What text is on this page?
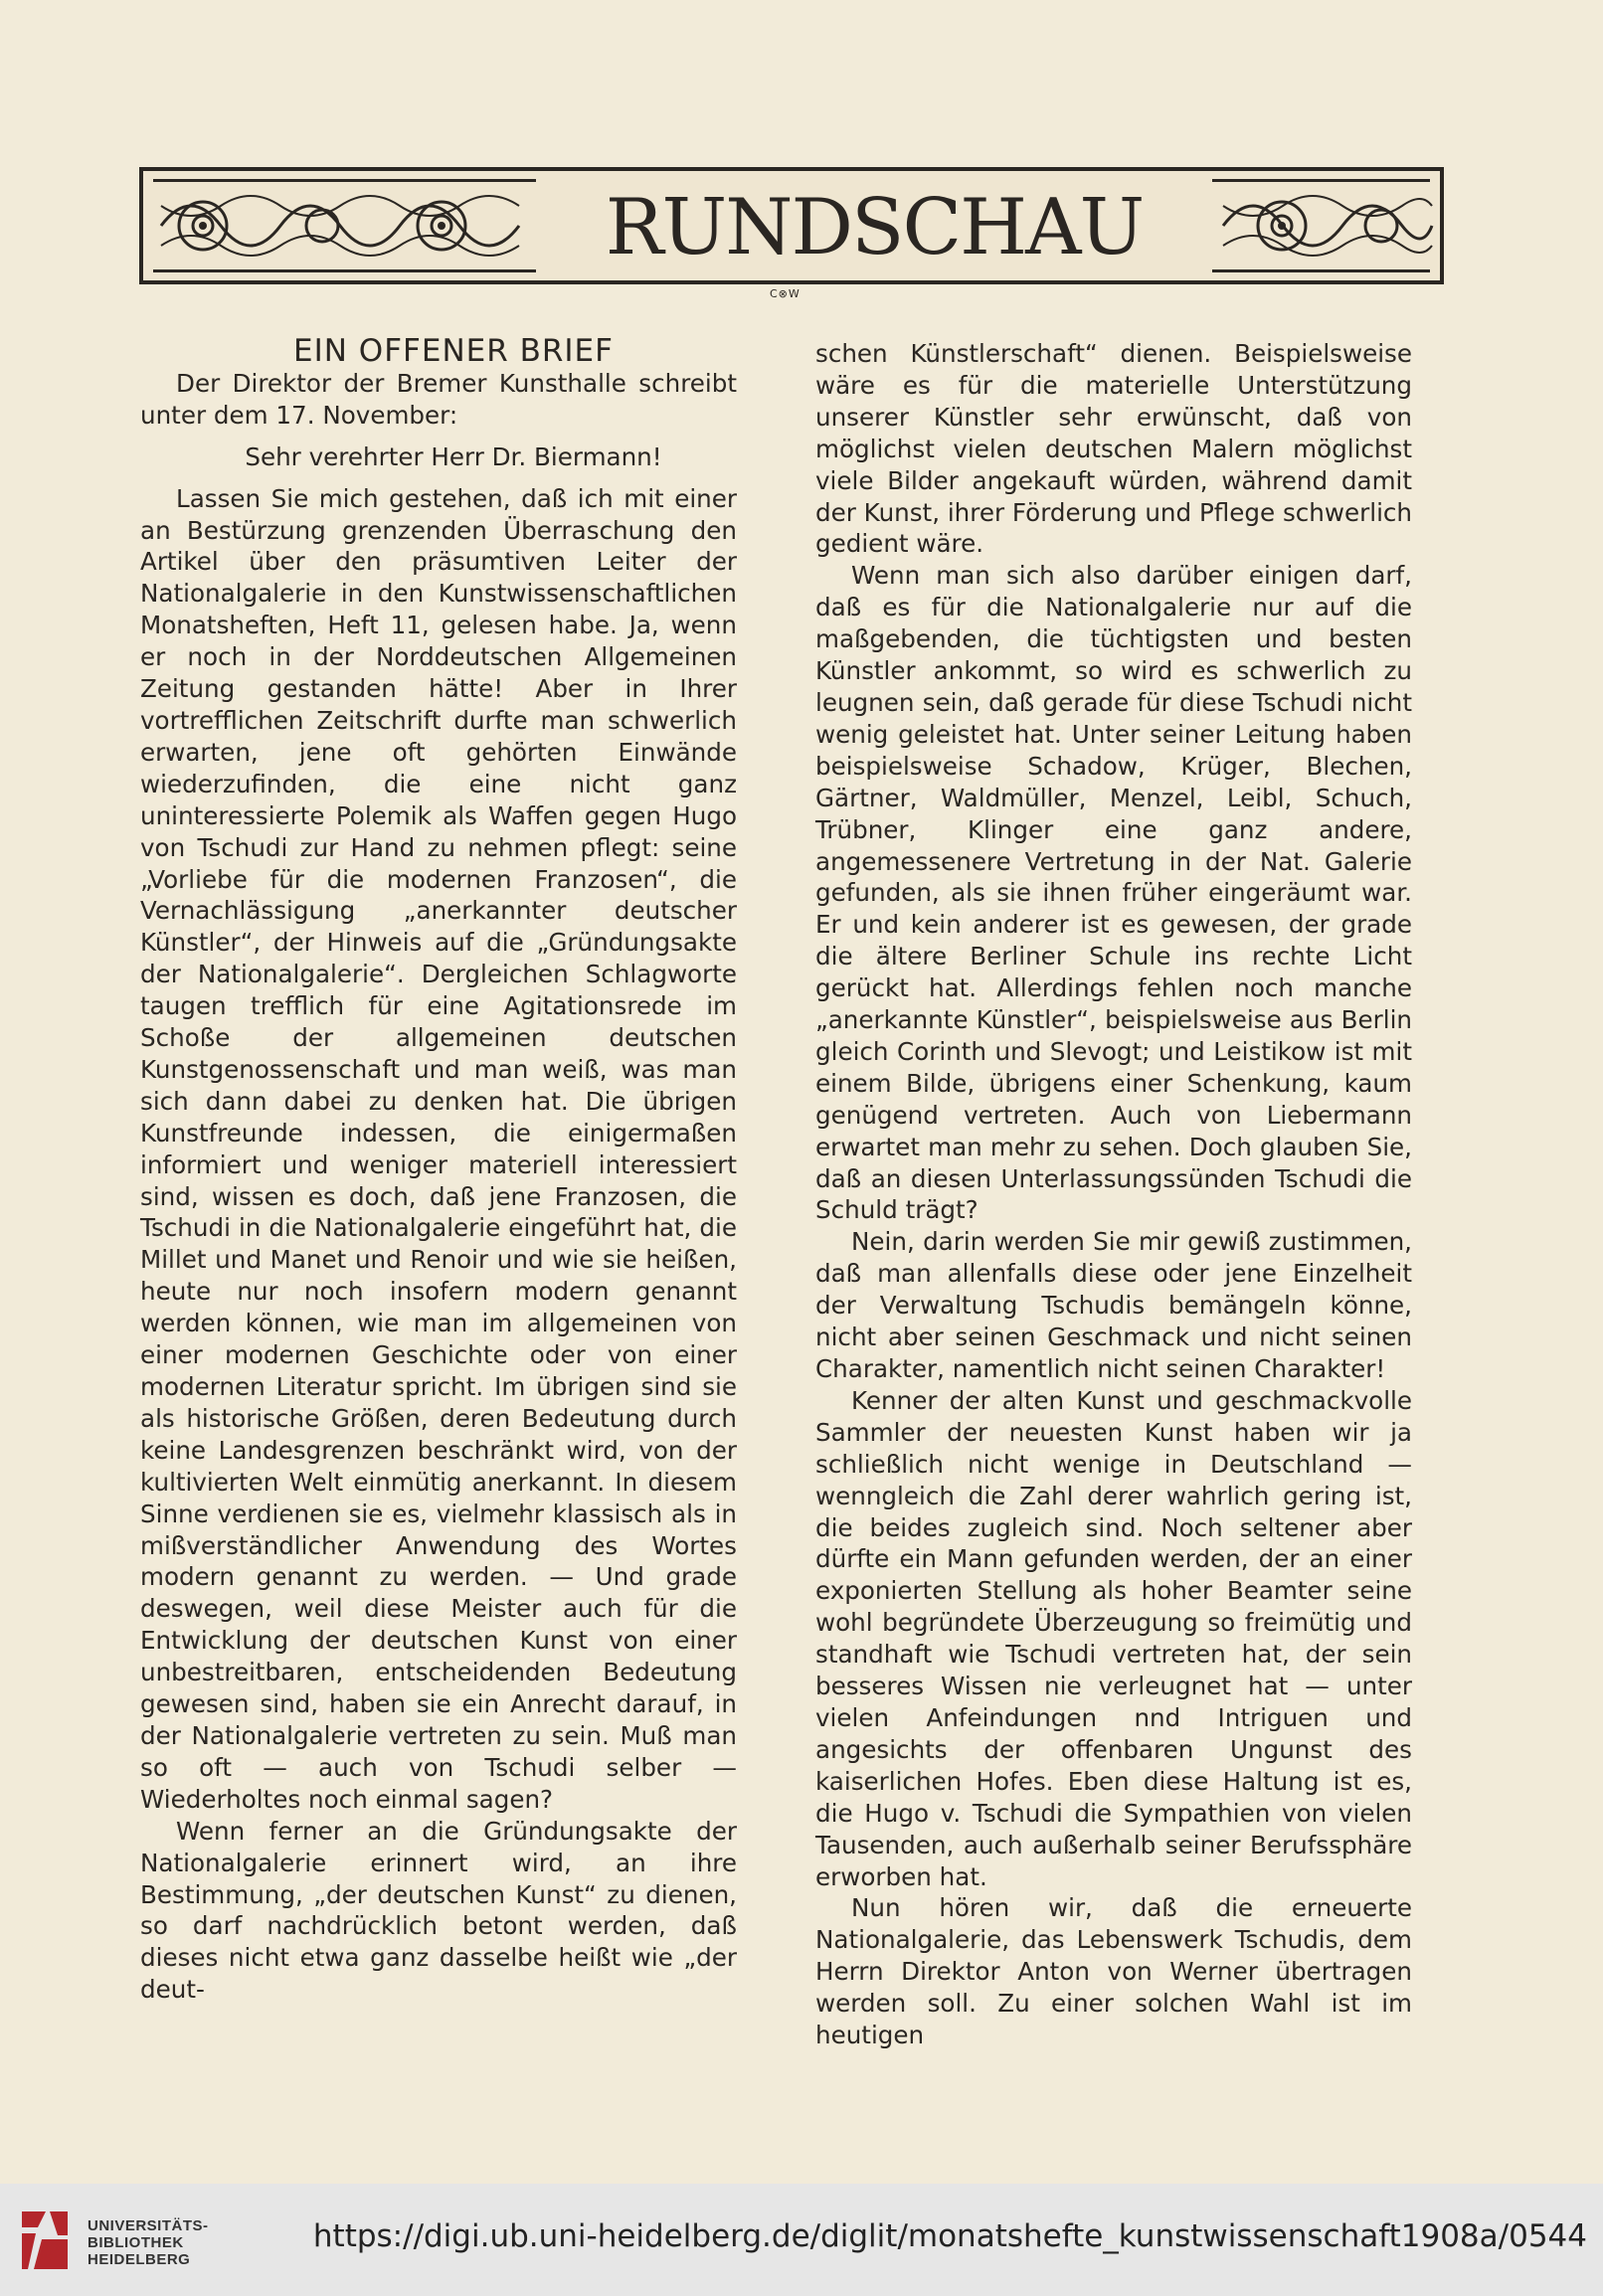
RUNDSCHAU
C⊗W

EIN OFFENER BRIEF

Der Direktor der Bremer Kunsthalle schreibt unter dem 17. November:

Sehr verehrter Herr Dr. Biermann!

Lassen Sie mich gestehen, daß ich mit einer an Bestürzung grenzenden Überraschung den Artikel über den präsumtiven Leiter der Nationalgalerie in den Kunstwissenschaftlichen Monatsheften, Heft 11, gelesen habe. Ja, wenn er noch in der Norddeutschen Allgemeinen Zeitung gestanden hätte! Aber in Ihrer vortrefflichen Zeitschrift durfte man schwerlich erwarten, jene oft gehörten Einwände wiederzufinden, die eine nicht ganz uninteressierte Polemik als Waffen gegen Hugo von Tschudi zur Hand zu nehmen pflegt: seine „Vorliebe für die modernen Franzosen“, die Vernachlässigung „anerkannter deutscher Künstler“, der Hinweis auf die „Gründungsakte der Nationalgalerie“. Dergleichen Schlagworte taugen trefflich für eine Agitationsrede im Schoße der allgemeinen deutschen Kunstgenossenschaft und man weiß, was man sich dann dabei zu denken hat. Die übrigen Kunstfreunde indessen, die einigermaßen informiert und weniger materiell interessiert sind, wissen es doch, daß jene Franzosen, die Tschudi in die Nationalgalerie eingeführt hat, die Millet und Manet und Renoir und wie sie heißen, heute nur noch insofern modern genannt werden können, wie man im allgemeinen von einer modernen Geschichte oder von einer modernen Literatur spricht. Im übrigen sind sie als historische Größen, deren Bedeutung durch keine Landesgrenzen beschränkt wird, von der kultivierten Welt einmütig anerkannt. In diesem Sinne verdienen sie es, vielmehr klassisch als in mißverständlicher Anwendung des Wortes modern genannt zu werden. — Und grade deswegen, weil diese Meister auch für die Entwicklung der deutschen Kunst von einer unbestreitbaren, entscheidenden Bedeutung gewesen sind, haben sie ein Anrecht darauf, in der Nationalgalerie vertreten zu sein. Muß man so oft — auch von Tschudi selber — Wiederholtes noch einmal sagen?

Wenn ferner an die Gründungsakte der Nationalgalerie erinnert wird, an ihre Bestimmung, „der deutschen Kunst“ zu dienen, so darf nachdrücklich betont werden, daß dieses nicht etwa ganz dasselbe heißt wie „der deut-

schen Künstlerschaft“ dienen. Beispielsweise wäre es für die materielle Unterstützung unserer Künstler sehr erwünscht, daß von möglichst vielen deutschen Malern möglichst viele Bilder angekauft würden, während damit der Kunst, ihrer Förderung und Pflege schwerlich gedient wäre.

Wenn man sich also darüber einigen darf, daß es für die Nationalgalerie nur auf die maßgebenden, die tüchtigsten und besten Künstler ankommt, so wird es schwerlich zu leugnen sein, daß gerade für diese Tschudi nicht wenig geleistet hat. Unter seiner Leitung haben beispielsweise Schadow, Krüger, Blechen, Gärtner, Waldmüller, Menzel, Leibl, Schuch, Trübner, Klinger eine ganz andere, angemessenere Vertretung in der Nat. Galerie gefunden, als sie ihnen früher eingeräumt war. Er und kein anderer ist es gewesen, der grade die ältere Berliner Schule ins rechte Licht gerückt hat. Allerdings fehlen noch manche „anerkannte Künstler“, beispielsweise aus Berlin gleich Corinth und Slevogt; und Leistikow ist mit einem Bilde, übrigens einer Schenkung, kaum genügend vertreten. Auch von Liebermann erwartet man mehr zu sehen. Doch glauben Sie, daß an diesen Unterlassungssünden Tschudi die Schuld trägt?

Nein, darin werden Sie mir gewiß zustimmen, daß man allenfalls diese oder jene Einzelheit der Verwaltung Tschudis bemängeln könne, nicht aber seinen Geschmack und nicht seinen Charakter, namentlich nicht seinen Charakter!

Kenner der alten Kunst und geschmackvolle Sammler der neuesten Kunst haben wir ja schließlich nicht wenige in Deutschland — wenngleich die Zahl derer wahrlich gering ist, die beides zugleich sind. Noch seltener aber dürfte ein Mann gefunden werden, der an einer exponierten Stellung als hoher Beamter seine wohl begründete Überzeugung so freimütig und standhaft wie Tschudi vertreten hat, der sein besseres Wissen nie verleugnet hat — unter vielen Anfeindungen nnd Intriguen und angesichts der offenbaren Ungunst des kaiserlichen Hofes. Eben diese Haltung ist es, die Hugo v. Tschudi die Sympathien von vielen Tausenden, auch außerhalb seiner Berufssphäre erworben hat.

Nun hören wir, daß die erneuerte Nationalgalerie, das Lebenswerk Tschudis, dem Herrn Direktor Anton von Werner übertragen werden soll. Zu einer solchen Wahl ist im heutigen

UNIVERSITÄTS-
BIBLIOTHEK
HEIDELBERG
https://digi.ub.uni-heidelberg.de/diglit/monatshefte_kunstwissenschaft1908a/0544
